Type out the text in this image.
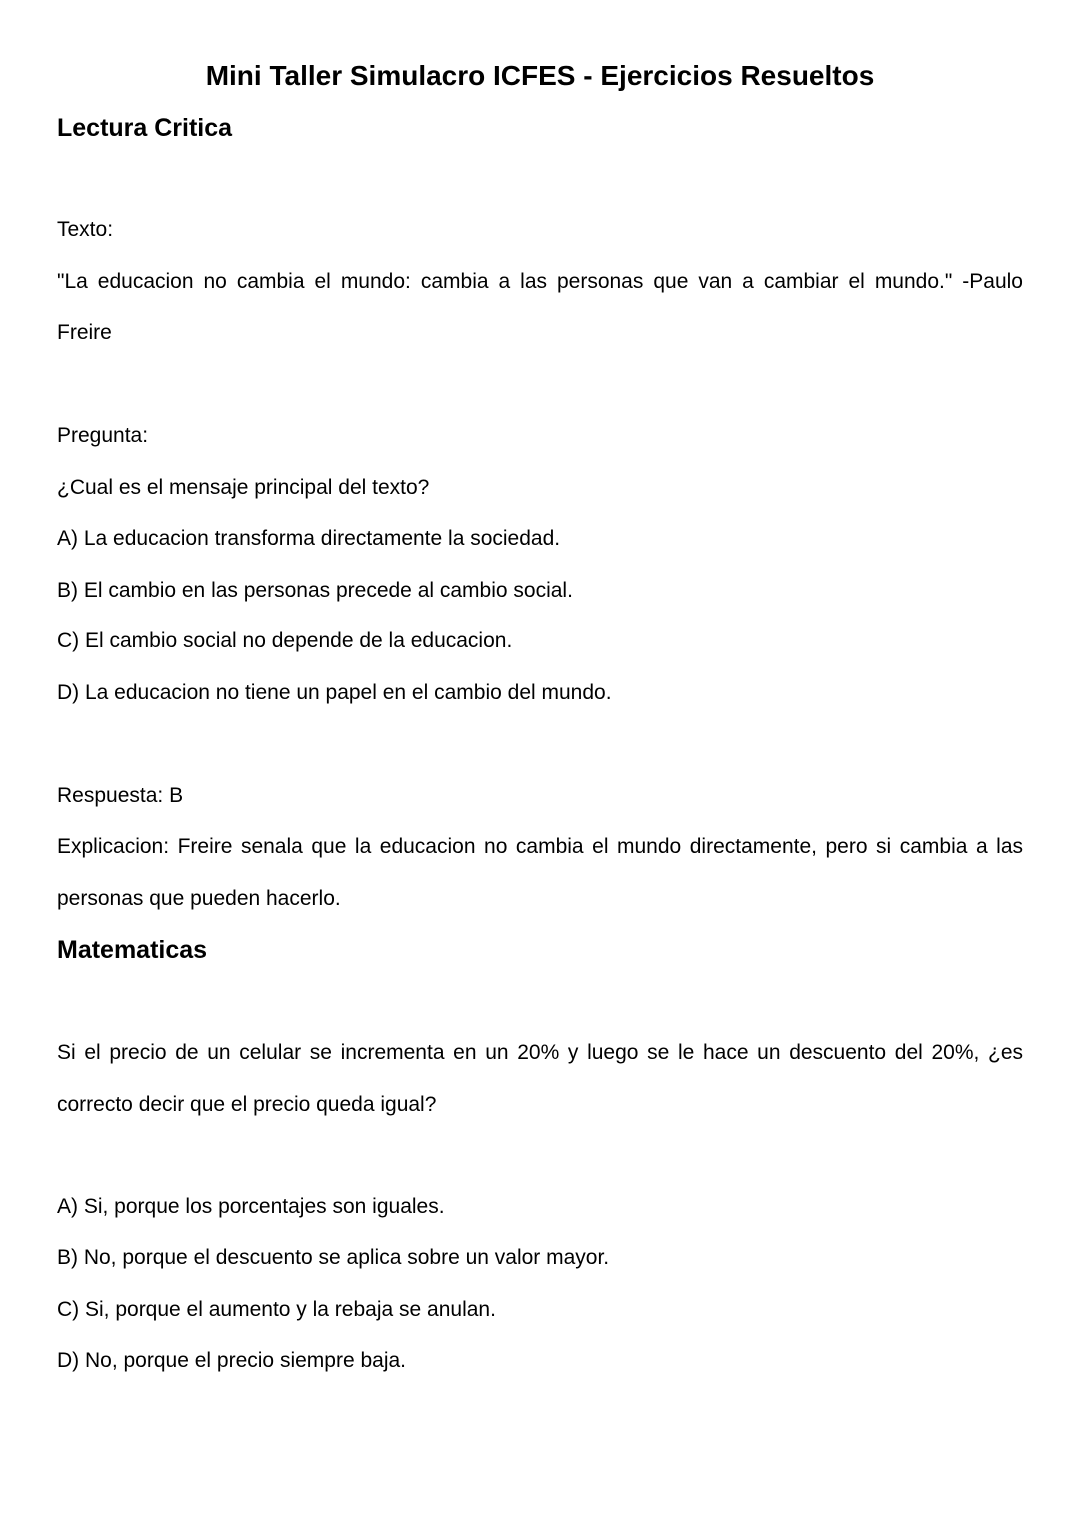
Mini Taller Simulacro ICFES - Ejercicios Resueltos
Lectura Critica
Texto:
"La educacion no cambia el mundo: cambia a las personas que van a cambiar el mundo." -Paulo
Freire
Pregunta:
¿Cual es el mensaje principal del texto?
A) La educacion transforma directamente la sociedad.
B) El cambio en las personas precede al cambio social.
C) El cambio social no depende de la educacion.
D) La educacion no tiene un papel en el cambio del mundo.
Respuesta: B
Explicacion: Freire senala que la educacion no cambia el mundo directamente, pero si cambia a las
personas que pueden hacerlo.
Matematicas
Si el precio de un celular se incrementa en un 20% y luego se le hace un descuento del 20%, ¿es
correcto decir que el precio queda igual?
A) Si, porque los porcentajes son iguales.
B) No, porque el descuento se aplica sobre un valor mayor.
C) Si, porque el aumento y la rebaja se anulan.
D) No, porque el precio siempre baja.
